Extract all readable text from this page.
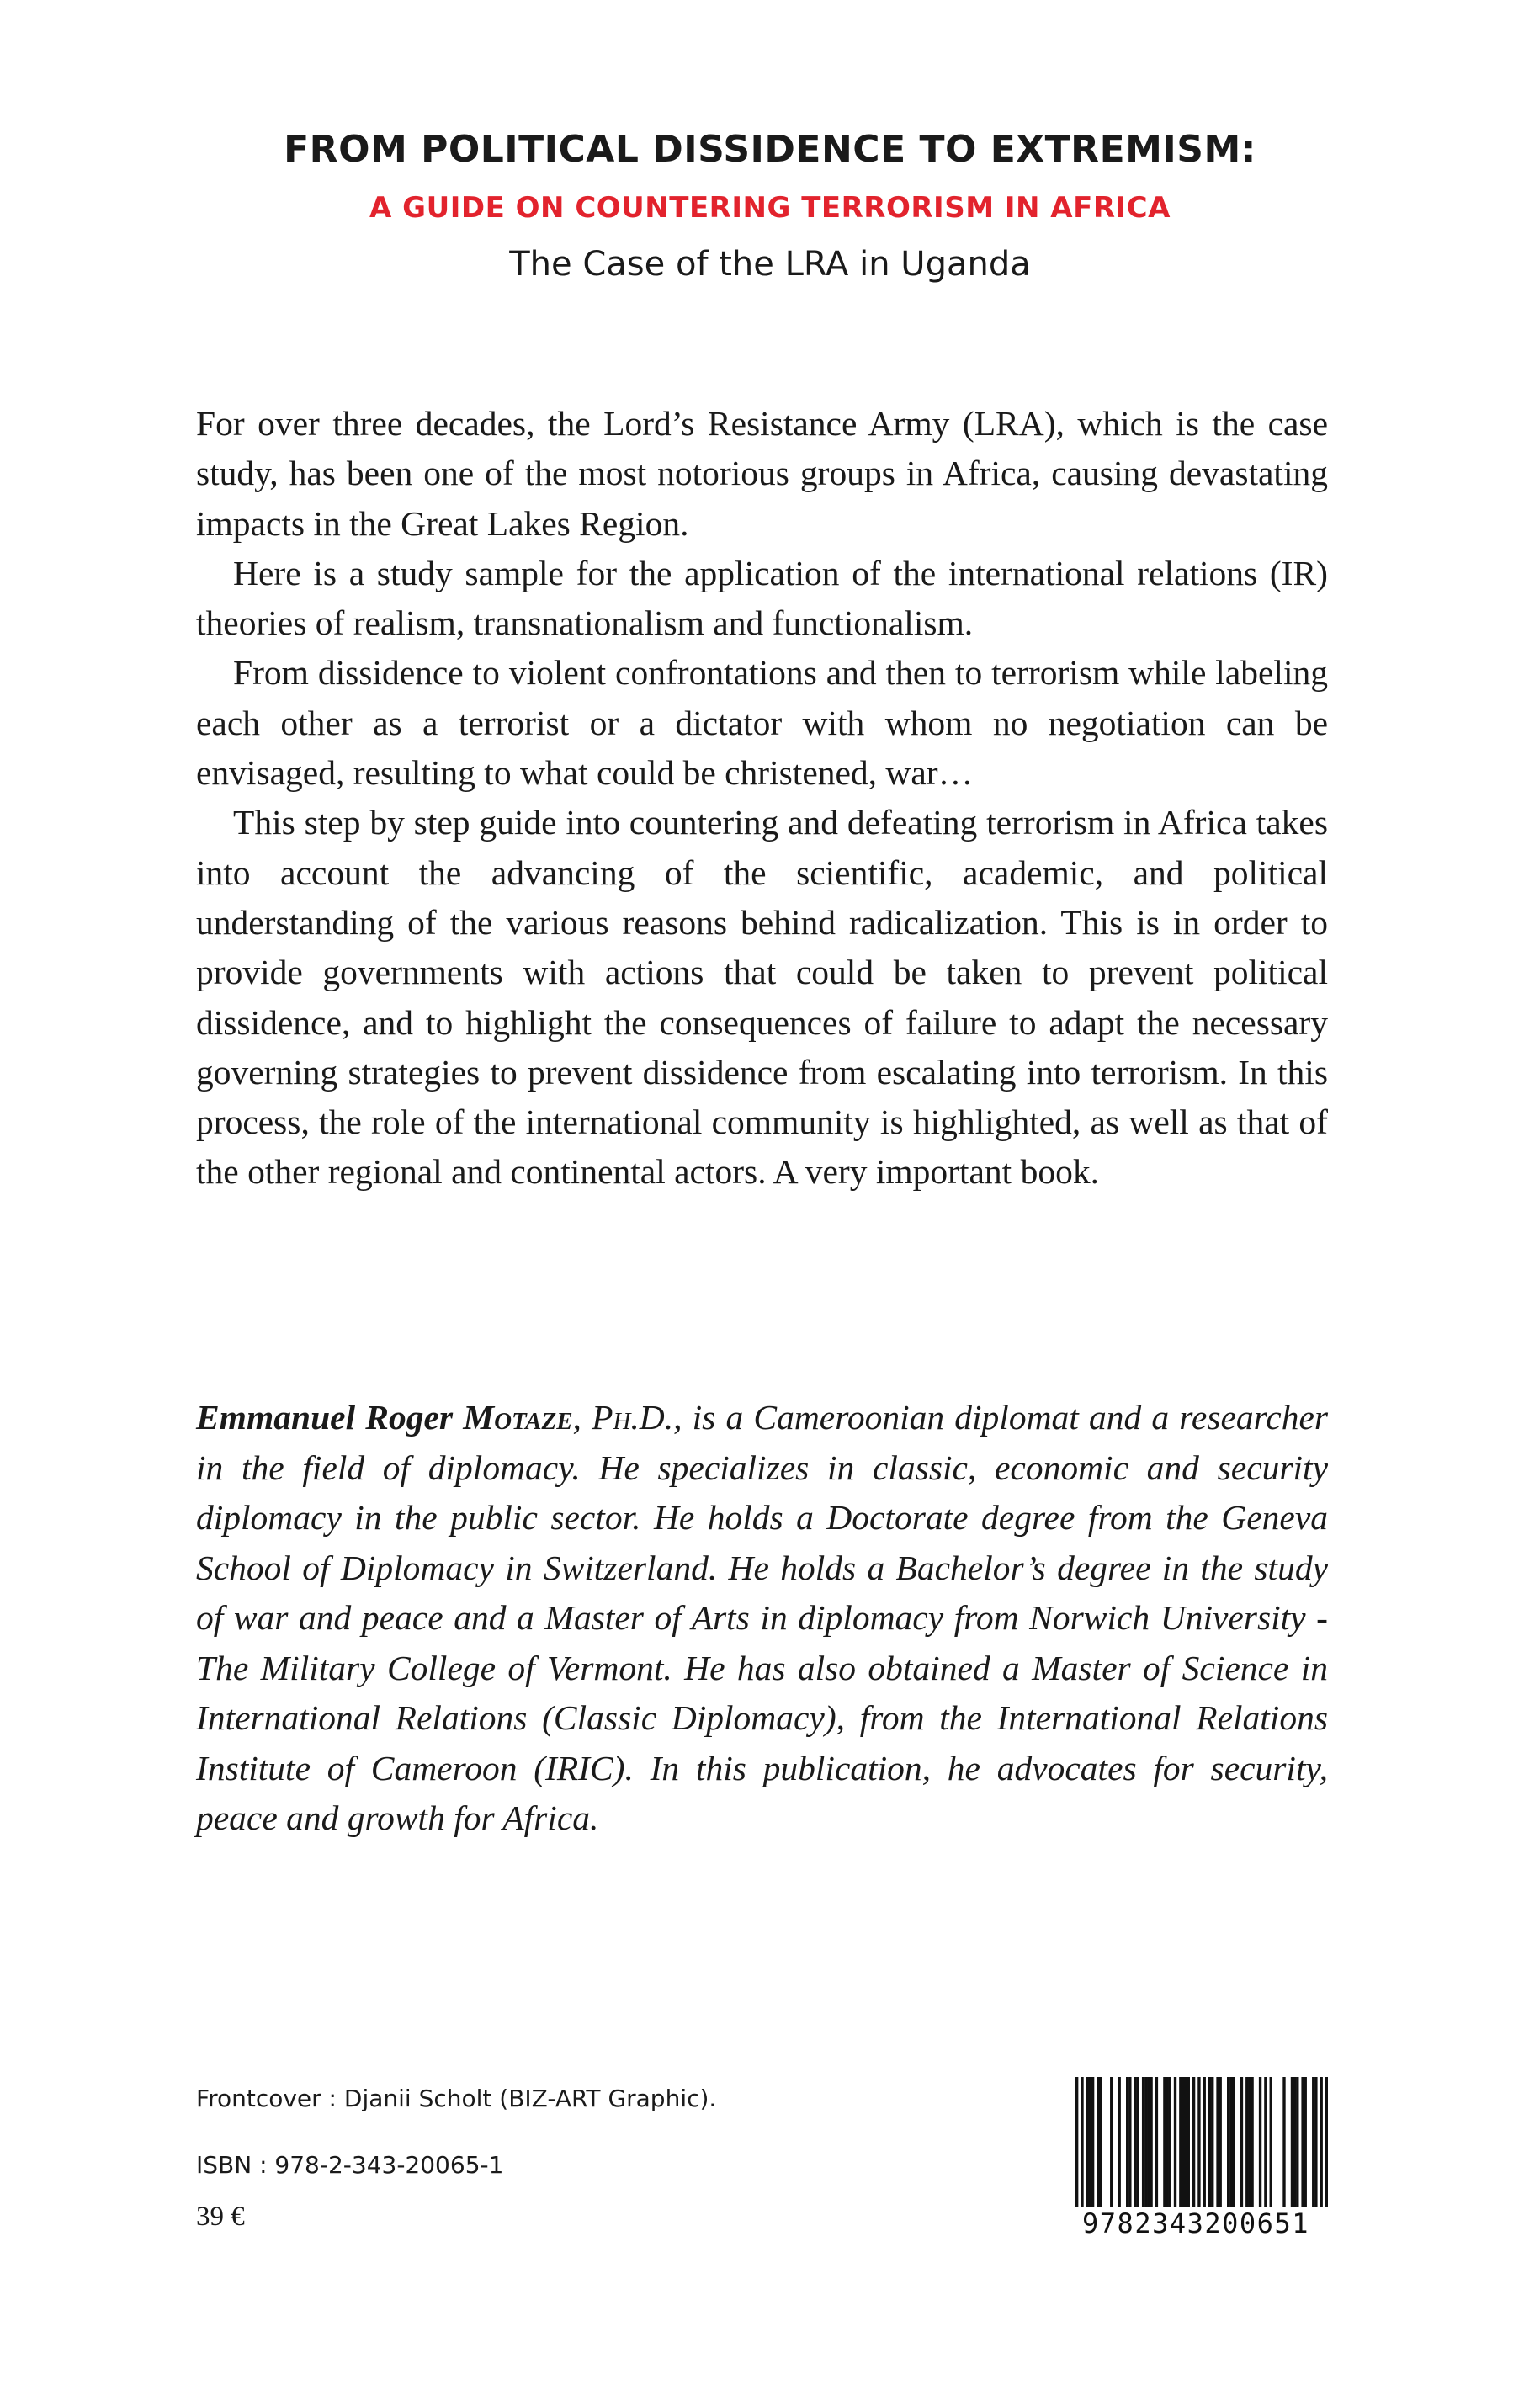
FROM POLITICAL DISSIDENCE TO EXTREMISM:
A GUIDE ON COUNTERING TERRORISM IN AFRICA
The Case of the LRA in Uganda

For over three decades, the Lord’s Resistance Army (LRA), which is the case study, has been one of the most notorious groups in Africa, causing devastating impacts in the Great Lakes Region.

Here is a study sample for the application of the international relations (IR) theories of realism, transnationalism and functionalism.

From dissidence to violent confrontations and then to terrorism while labeling each other as a terrorist or a dictator with whom no negotiation can be envisaged, resulting to what could be christened, war…

This step by step guide into countering and defeating terrorism in Africa takes into account the advancing of the scientific, academic, and political understanding of the various reasons behind radicalization. This is in order to provide governments with actions that could be taken to prevent political dissidence, and to highlight the consequences of failure to adapt the necessary governing strategies to prevent dissidence from escalating into terrorism. In this process, the role of the international community is highlighted, as well as that of the other regional and continental actors. A very important book.

Emmanuel Roger Motaze, Ph.D., is a Cameroonian diplomat and a researcher in the field of diplomacy. He specializes in classic, economic and security diplomacy in the public sector. He holds a Doctorate degree from the Geneva School of Diplomacy in Switzerland. He holds a Bachelor’s degree in the study of war and peace and a Master of Arts in diplomacy from Norwich University - The Military College of Vermont. He has also obtained a Master of Science in International Relations (Classic Diplomacy), from the International Relations Institute of Cameroon (IRIC). In this publication, he advocates for security, peace and growth for Africa.
Frontcover : Djanii Scholt (BIZ-ART Graphic).
ISBN : 978-2-343-20065-1
39 €	9782343200651
